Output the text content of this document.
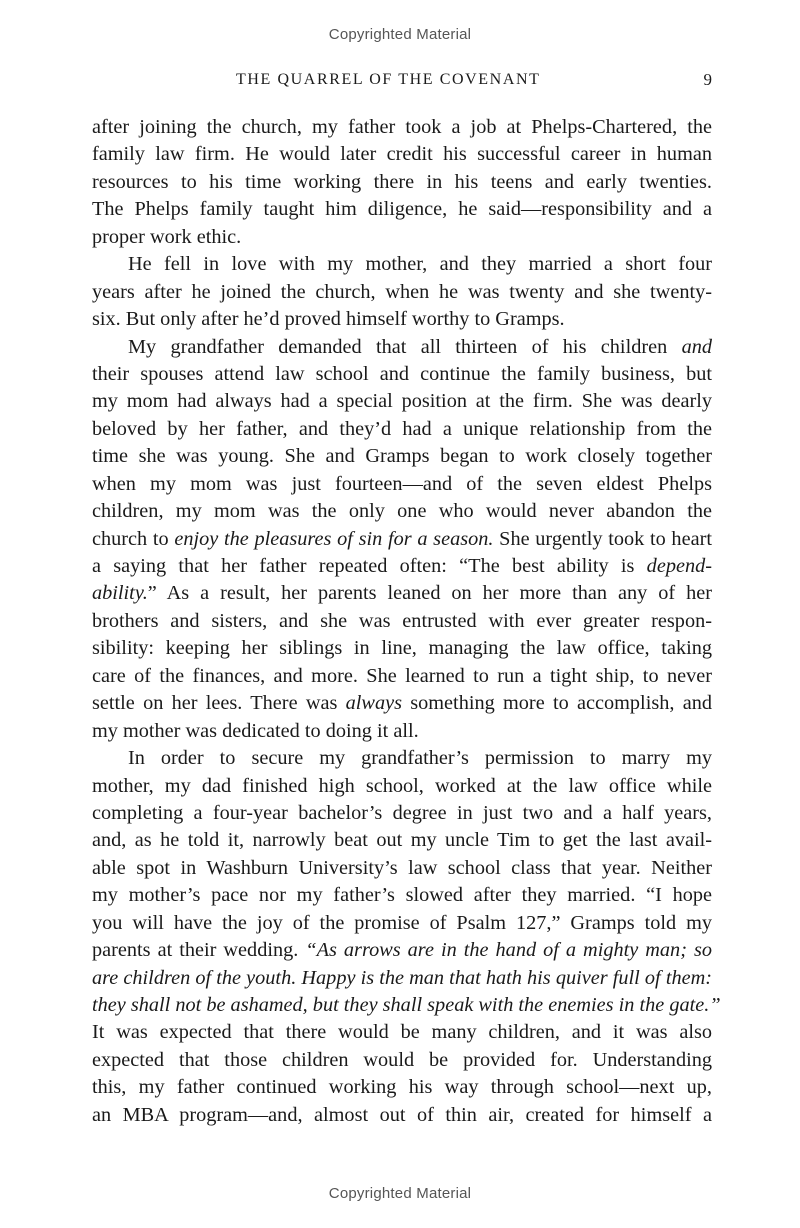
Copyrighted Material
THE QUARREL OF THE COVENANT	9
after joining the church, my father took a job at Phelps-Chartered, the
family law firm. He would later credit his successful career in human
resources to his time working there in his teens and early twenties.
The Phelps family taught him diligence, he said—responsibility and a
proper work ethic.
He fell in love with my mother, and they married a short four
years after he joined the church, when he was twenty and she twenty-
six. But only after he’d proved himself worthy to Gramps.
My grandfather demanded that all thirteen of his children and
their spouses attend law school and continue the family business, but
my mom had always had a special position at the firm. She was dearly
beloved by her father, and they’d had a unique relationship from the
time she was young. She and Gramps began to work closely together
when my mom was just fourteen—and of the seven eldest Phelps
children, my mom was the only one who would never abandon the
church to enjoy the pleasures of sin for a season. She urgently took to heart
a saying that her father repeated often: “The best ability is depend-
ability.” As a result, her parents leaned on her more than any of her
brothers and sisters, and she was entrusted with ever greater respon-
sibility: keeping her siblings in line, managing the law office, taking
care of the finances, and more. She learned to run a tight ship, to never
settle on her lees. There was always something more to accomplish, and
my mother was dedicated to doing it all.
In order to secure my grandfather’s permission to marry my
mother, my dad finished high school, worked at the law office while
completing a four-year bachelor’s degree in just two and a half years,
and, as he told it, narrowly beat out my uncle Tim to get the last avail-
able spot in Washburn University’s law school class that year. Neither
my mother’s pace nor my father’s slowed after they married. “I hope
you will have the joy of the promise of Psalm 127,” Gramps told my
parents at their wedding. “As arrows are in the hand of a mighty man; so
are children of the youth. Happy is the man that hath his quiver full of them:
they shall not be ashamed, but they shall speak with the enemies in the gate.”
It was expected that there would be many children, and it was also
expected that those children would be provided for. Understanding
this, my father continued working his way through school—next up,
an MBA program—and, almost out of thin air, created for himself a
Copyrighted Material
